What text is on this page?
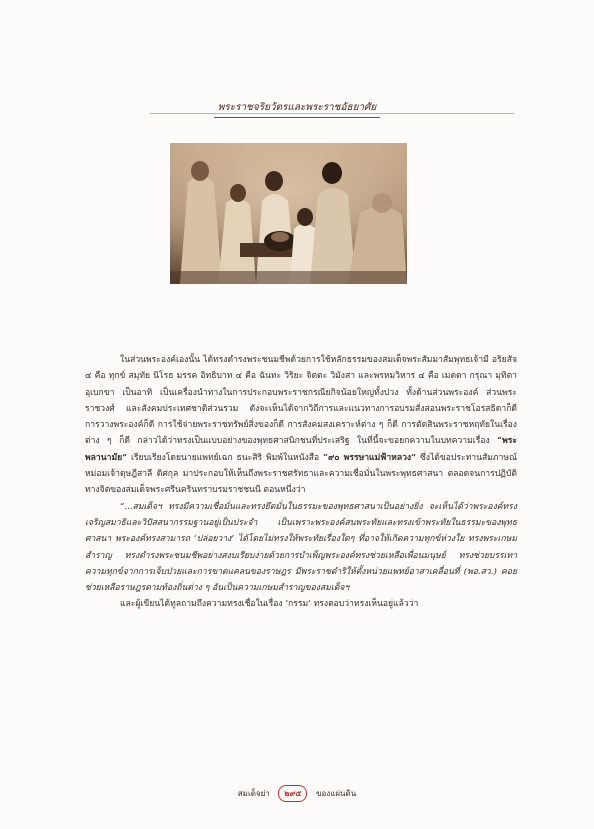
พระราชจริยวัตรและพระราชอัธยาศัย

ในส่วนพระองค์เองนั้น ได้ทรงดำรงพระชนมชีพด้วยการใช้หลักธรรมของสมเด็จพระสัมมาสัมพุทธเจ้ามี อริยสัจ ๔ คือ ทุกข์ สมุทัย นิโรธ มรรค อิทธิบาท ๔ คือ ฉันทะ วิริยะ จิตตะ วิมังสา และพรหมวิหาร ๔ คือ เมตตา กรุณา มุทิตา อุเบกขา เป็นอาทิ เป็นเครื่องนำทางในการประกอบพระราชกรณียกิจน้อยใหญ่ทั้งปวง ทั้งด้านส่วนพระองค์ ส่วนพระราชวงศ์ และสังคมประเทศชาติส่วนรวม ดังจะเห็นได้จากวิถีการและแนวทางการอบรมสั่งสอนพระราชโอรสธิดาก็ดี การวางพระองค์ก็ดี การใช้จ่ายพระราชทรัพย์สิ่งของก็ดี การสังคมสงเคราะห์ต่าง ๆ ก็ดี การตัดสินพระราชหฤทัยในเรื่องต่าง ๆ ก็ดี กล่าวได้ว่าทรงเป็นแบบอย่างของพุทธศาสนิกชนที่ประเสริฐ ในที่นี้จะขอยกความในบทความเรื่อง “พระพลานามัย” เรียบเรียงโดยนายแพทย์เฉก ธนะสิริ พิมพ์ในหนังสือ “๙๐ พรรษาแม่ฟ้าหลวง” ซึ่งได้ขอประทานสัมภาษณ์หม่อมเจ้าดุษฎีสาลี ดิศกุล มาประกอบให้เห็นถึงพระราชศรัทธาและความเชื่อมั่นในพระพุทธศาสนา ตลอดจนการปฏิบัติทางจิตของสมเด็จพระศรีนครินทราบรมราชชนนี ตอนหนึ่งว่า

“...สมเด็จฯ ทรงมีความเชื่อมั่นและทรงยึดมั่นในธรรมะของพุทธศาสนาเป็นอย่างยิ่ง จะเห็นได้ว่าพระองค์ทรงเจริญสมาธิและวิปัสสนากรรมฐานอยู่เป็นประจำ เป็นเพราะพระองค์สนพระทัยและทรงเข้าพระทัยในธรรมะของพุทธศาสนา พระองค์ทรงสามารถ ‘ปล่อยวาง’ ได้โดยไม่ทรงให้พระทัยเรื่องใดๆ ที่อาจให้เกิดความทุกข์ห่วงใย ทรงพระเกษมสำราญ ทรงดำรงพระชนมชีพอย่างสงบเรียบง่ายด้วยการบำเพ็ญพระองค์ทรงช่วยเหลือเพื่อนมนุษย์ ทรงช่วยบรรเทาความทุกข์จากการเจ็บป่วยและการขาดแคลนของราษฎร มีพระราชดำริให้ตั้งหน่วยแพทย์อาสาเคลื่อนที่ (พอ.สว.) คอยช่วยเหลือราษฎรตามท้องถิ่นต่าง ๆ อันเป็นความเกษมสำราญของสมเด็จฯ

และผู้เขียนได้ทูลถามถึงความทรงเชื่อในเรื่อง ‘กรรม’ ทรงตอบว่าทรงเห็นอยู่แล้วว่า

สมเด็จย่า ๒๙๕ ของแผ่นดิน
